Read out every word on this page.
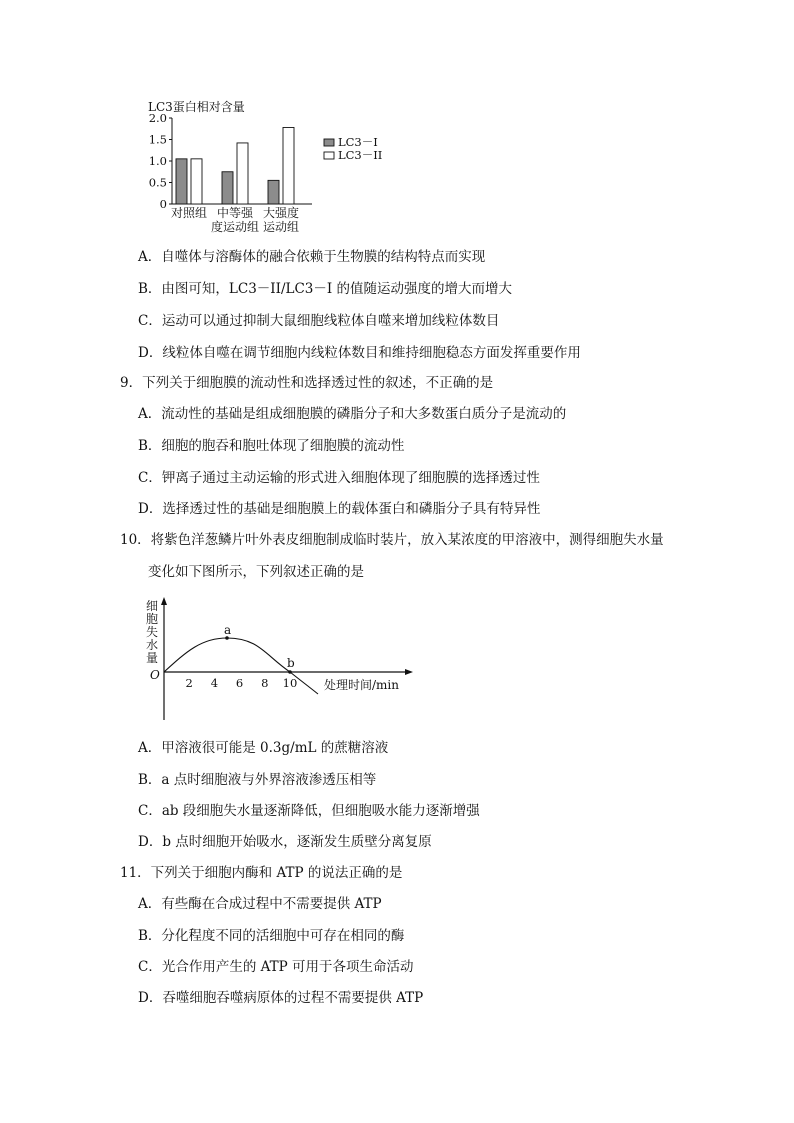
LC3蛋白相对含量
2.0
1.5
1.0
0.5
0
对照组 中等强
度运动组
大强度
运动组
LC3－I
LC3－II
A．自噬体与溶酶体的融合依赖于生物膜的结构特点而实现
B．由图可知，LC3－II/LC3－I 的值随运动强度的增大而增大
C．运动可以通过抑制大鼠细胞线粒体自噬来增加线粒体数目
D．线粒体自噬在调节细胞内线粒体数目和维持细胞稳态方面发挥重要作用
9．下列关于细胞膜的流动性和选择透过性的叙述，不正确的是
A．流动性的基础是组成细胞膜的磷脂分子和大多数蛋白质分子是流动的
B．细胞的胞吞和胞吐体现了细胞膜的流动性
C．钾离子通过主动运输的形式进入细胞体现了细胞膜的选择透过性
D．选择透过性的基础是细胞膜上的载体蛋白和磷脂分子具有特异性
10．将紫色洋葱鳞片叶外表皮细胞制成临时装片，放入某浓度的甲溶液中，测得细胞失水量
变化如下图所示，下列叙述正确的是
细
胞
失
水
量
O
2 4 6 8 10 处理时间/min
a
b
A．甲溶液很可能是 0.3g/mL 的蔗糖溶液
B．a 点时细胞液与外界溶液渗透压相等
C．ab 段细胞失水量逐渐降低，但细胞吸水能力逐渐增强
D．b 点时细胞开始吸水，逐渐发生质壁分离复原
11．下列关于细胞内酶和 ATP 的说法正确的是
A．有些酶在合成过程中不需要提供 ATP
B．分化程度不同的活细胞中可存在相同的酶
C．光合作用产生的 ATP 可用于各项生命活动
D．吞噬细胞吞噬病原体的过程不需要提供 ATP
